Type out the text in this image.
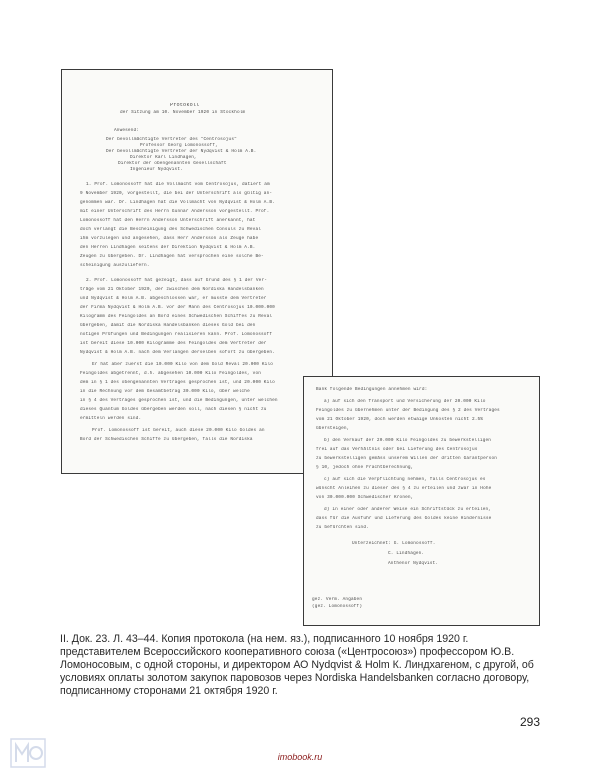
Protokoll
der Sitzung am 10. November 1920 in Stockholm
Anwesend:
Der bevollmächtigte Vertreter des "Centrosojus"
Professor Georg Lomonossoff,
Der bevollmächtigte Vertreter der Nydqvist & Holm A.B.
Direktor Karl Lindhagen,
Direktor der obengenannten Gesellschaft
Ingenieur Nydqvist.
1. Prof. Lomonossoff hat die Vollmacht vom Centrosojus, datiert am
9 November 1920, vorgestellt, die bei der Unterschrift als gültig an-
genommen war. Dr. Lindhagen hat die Vollmacht von Nydqvist & Holm A.B.
mit einer Unterschrift des Herrn Gunnar Andersson vorgestellt. Prof.
Lomonossoff hat den Herrn Andersson Unterschrift anerkannt, hat
doch verlangt die Bescheinigung des Schwedischen Consuls zu Reval
ihm vorzulegen und angesehen, dass Herr Andersson als Zeuge habe
den Herren Lindhagen seitens der Direktion Nydqvist & Holm A.B.
Zeugen zu übergeben. Dr. Lindhagen hat versprochen eine solche Be-
scheinigung auszuliefern.
2. Prof. Lomonossoff hat gezeigt, dass auf Grund des § 1 der Ver-
träge vom 21 Oktober 1920, der zwischen dem Nordiska Handelsbanken
und Nydqvist & Holm A.B. abgeschlossen war, er musste dem Vertreter
der Firma Nydqvist & Holm A.B. vor der Mann des Centrosojus 10.000.000
Kilogramm des Feingoldes an Bord eines Schwedischen Schiffes zu Reval
übergeben, damit die Nordiska Handelsbanken dieses Gold bei den
nötigen Prüfungen und Bedingungen realisieren kann. Prof. Lomonossoff
ist bereit diese 10.000 Kilogramme des Feingoldes dem Vertreter der
Nydqvist & Holm A.B. nach dem Verlangen derselben sofort zu übergeben.
Er hat aber zuerst die 10.000 Kilo von dem Gold Reval 20.000 Kilo
Feingoldes abgetrennt, d.h. abgesehen 10.000 Kilo Feingoldes, von
dem in § 1 des obengenannten Vertrages gesprochen ist, und 20.000 Kilo
in die Rechnung vor dem Gesamtbetrag 30.000 Kilo, über welche
in § 4 des Vertrages gesprochen ist, und die Bedingungen, unter welchen
dieses Quantum Goldes übergeben werden soll, nach diesen § nicht zu
ermitteln werden sind.
Prof. Lomonossoff ist bereit, auch diese 20.000 Kilo Goldes an
Bord der Schwedischen Schiffe zu übergeben, falls die Nordiska
Bank folgende Bedingungen annehmen wird:
a) auf sich den Transport und Versicherung der 20.000 Kilo
Feingoldes zu übernehmen unter der Bedingung des § 2 des Vertrages
vom 21 Oktober 1920, doch werden etwaige Unkosten nicht 2.5%
übersteigen,
b) den Verkauf der 20.000 Kilo Feingoldes zu bewerkstelligen
frei auf das Verhältnis oder bei Lieferung des Centrosojus
zu bewerkstelligen gemäss unserem Willen der dritten Garantperson
§ 10, jedoch ohne Frachtberechnung,
c) auf sich die Verpflichtung nehmen, falls Centrosojus es
wünscht Anleihen zu dieser des § 4 zu erteilen und zwar in Höhe
von 30.000.000 Schwedischer Kronen,
d) in einer oder anderer Weise ein Schriftstück zu erteilen,
dass für die Ausfuhr und Lieferung des Goldes keine Hindernisse
zu befürchten sind.
Unterzeichnet: G. Lomonossoff.
C. Lindhagen.
Anthenor Nydqvist.
gez. Verm. Angaben
(gez. Lomonossoff)
II. Док. 23. Л. 43–44. Копия протокола (на нем. яз.), подписанного 10 ноября 1920 г. представителем Всероссийского кооперативного союза («Центросоюз») профессором Ю.В. Ломоносовым, с одной стороны, и директором АО Nydqvist & Holm К. Линдхагеном, с другой, об условиях оплаты золотом закупок паровозов через Nordiska Handelsbanken согласно договору, подписанному сторонами 21 октября 1920 г.
293
imobook.ru
